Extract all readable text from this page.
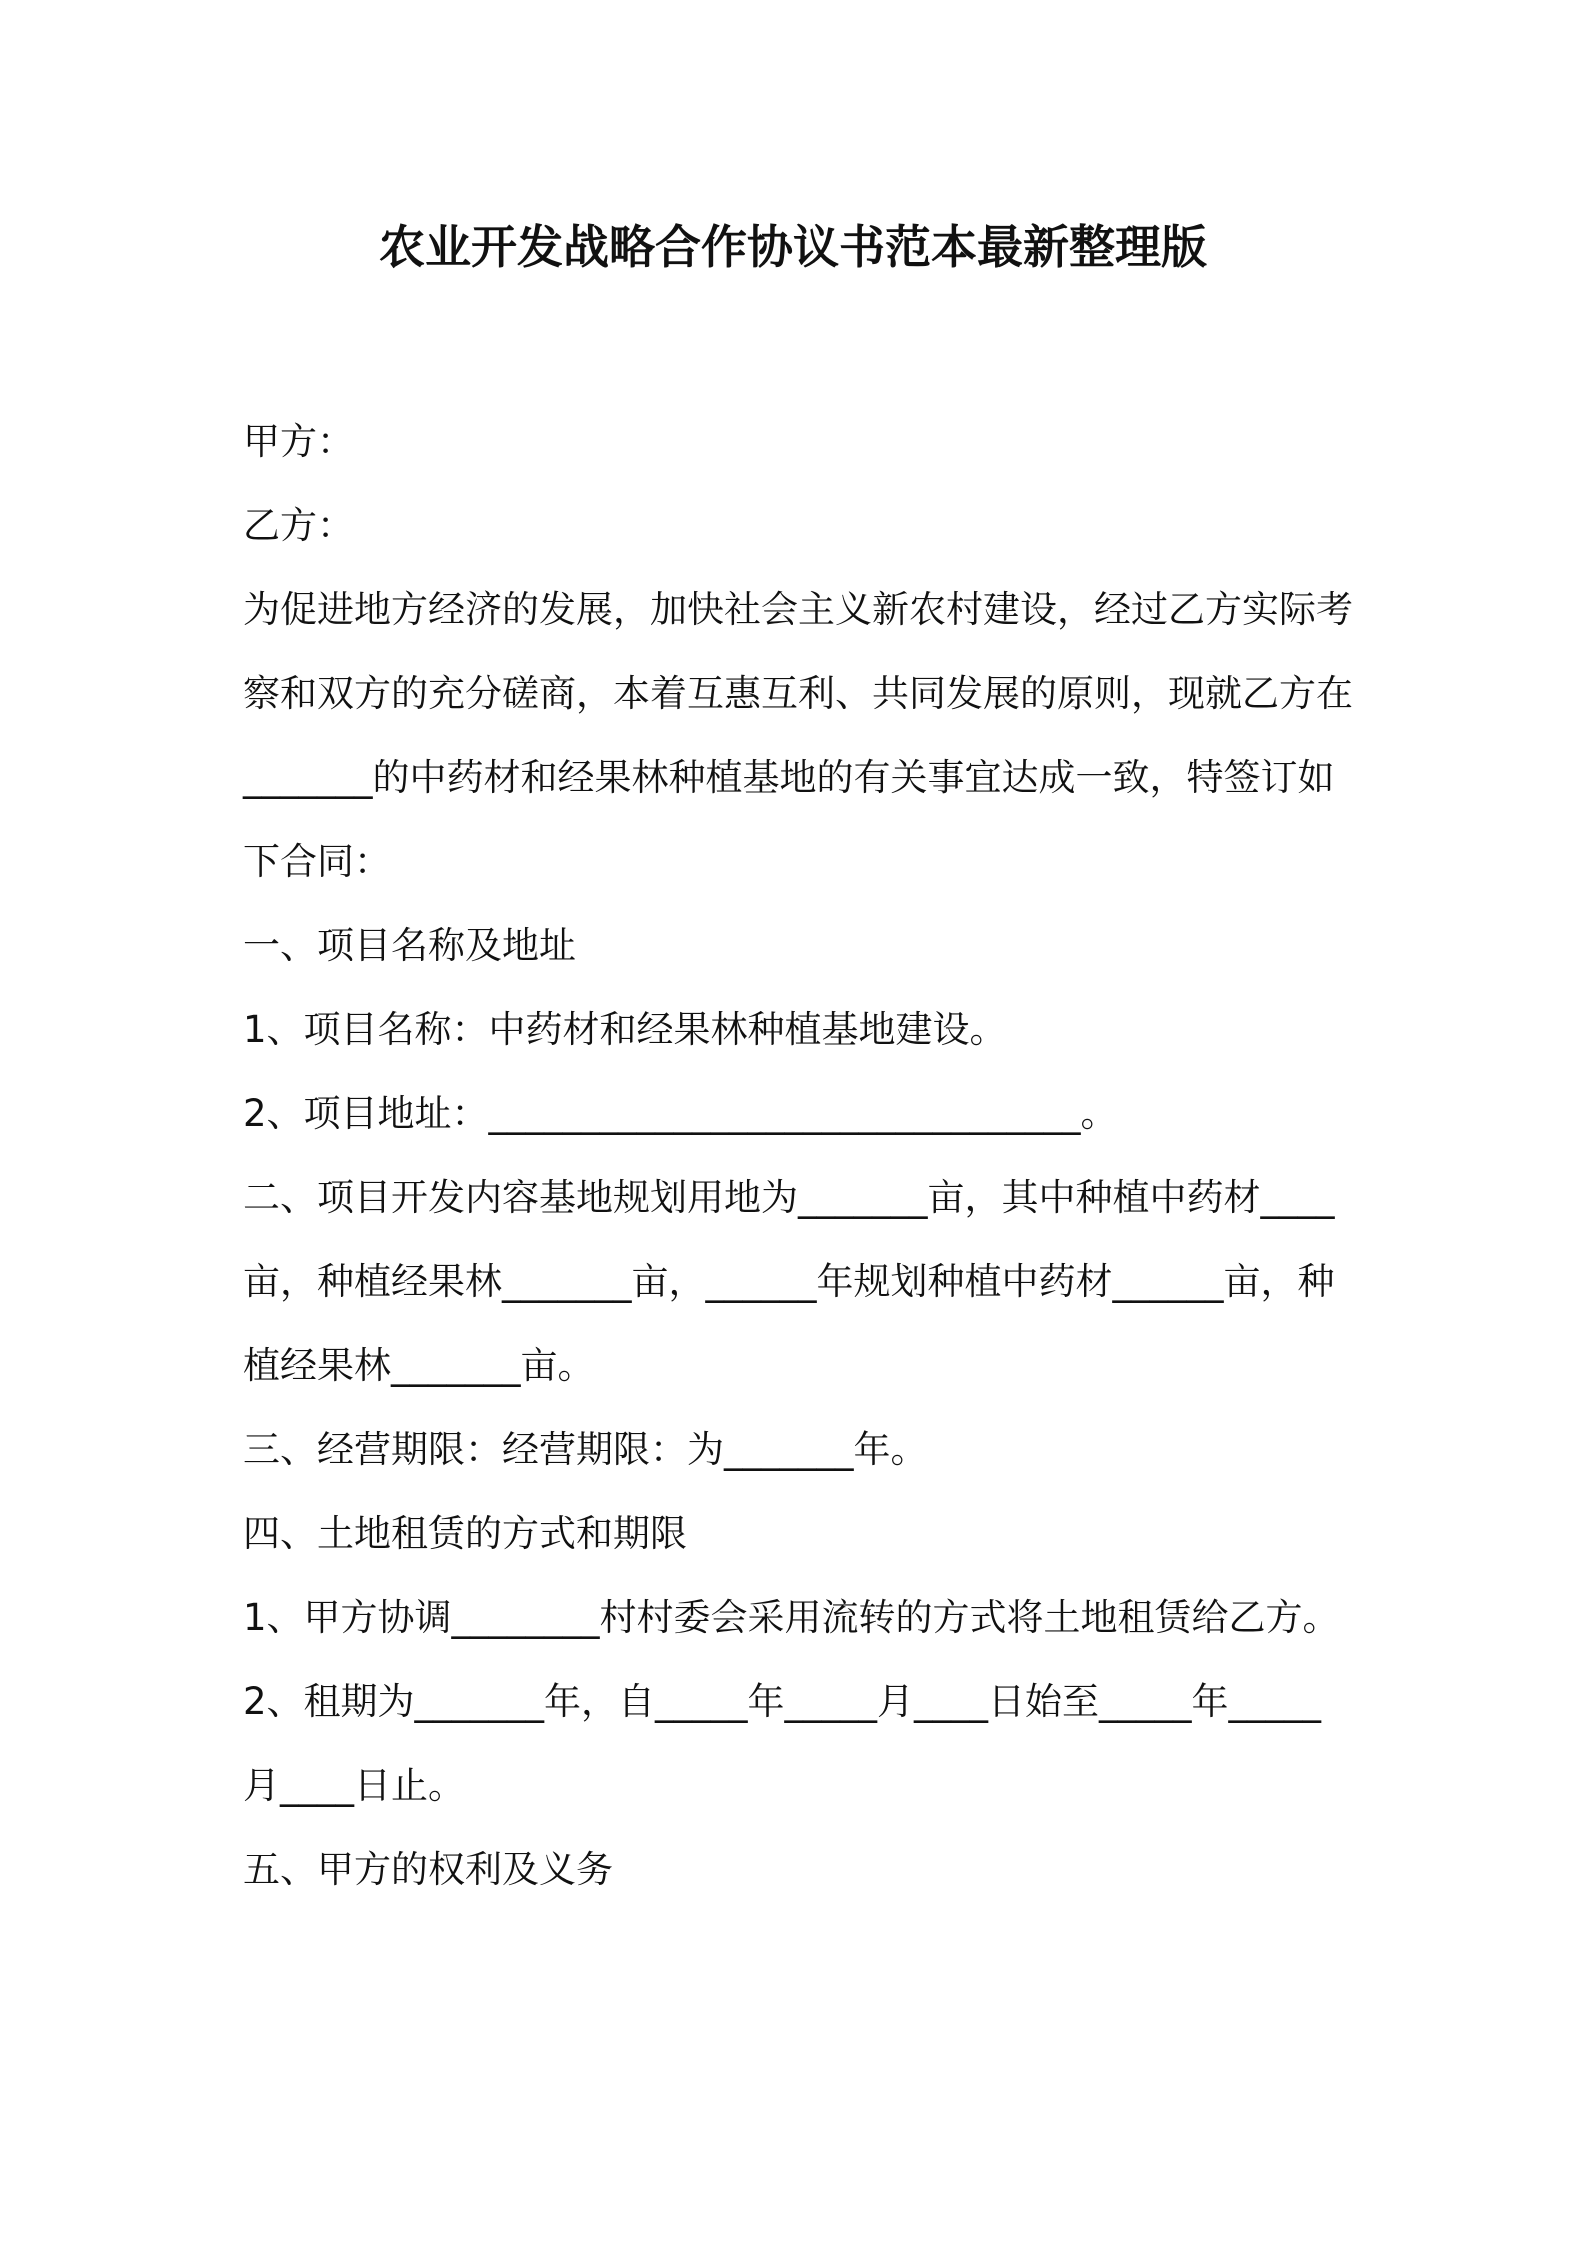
农业开发战略合作协议书范本最新整理版

甲方：

乙方：

为促进地方经济的发展，加快社会主义新农村建设，经过乙方实际考察和双方的充分磋商，本着互惠互利、共同发展的原则，现就乙方在_______的中药材和经果林种植基地的有关事宜达成一致，特签订如下合同：

一、项目名称及地址

1、项目名称：中药材和经果林种植基地建设。

2、项目地址：________________________________。

二、项目开发内容基地规划用地为_______亩，其中种植中药材____亩，种植经果林_______亩，______年规划种植中药材______亩，种植经果林_______亩。

三、经营期限：经营期限：为_______年。

四、土地租赁的方式和期限

1、甲方协调________村村委会采用流转的方式将土地租赁给乙方。

2、租期为_______年，自_____年_____月____日始至_____年_____月____日止。

五、甲方的权利及义务
